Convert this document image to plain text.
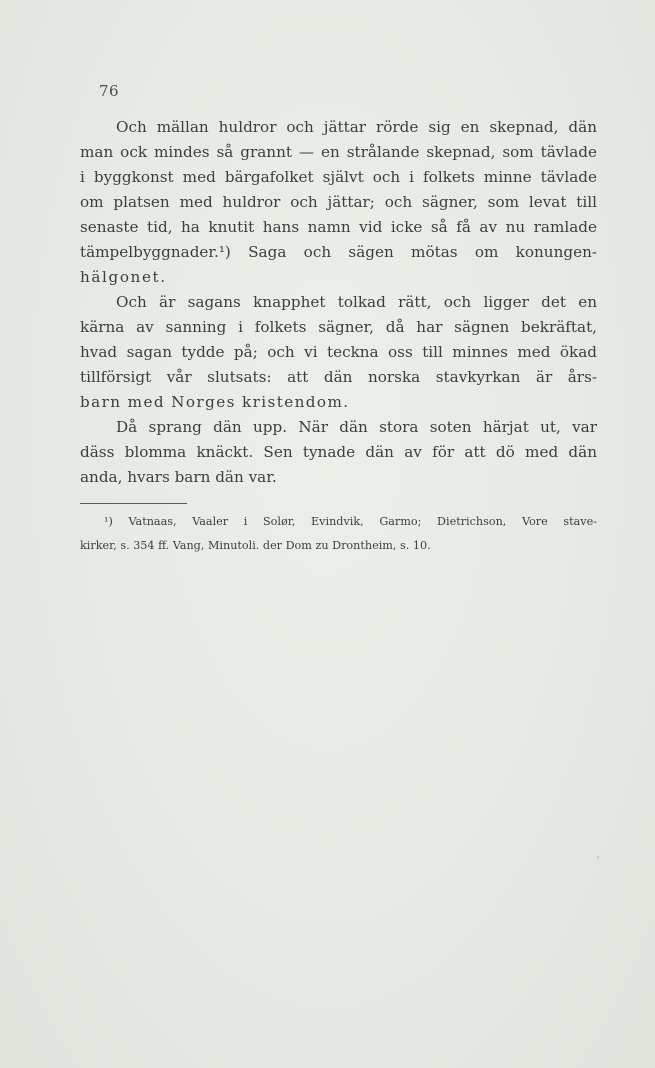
76
Och mällan huldror och jättar rörde sig en skepnad, dän
man ock mindes så grannt — en strålande skepnad, som tävlade
i byggkonst med bärgafolket självt och i folkets minne tävlade
om platsen med huldror och jättar; och sägner, som levat till
senaste tid, ha knutit hans namn vid icke så få av nu ramlade
tämpelbyggnader.¹) Saga och sägen mötas om konungen-
hälgonet.
Och är sagans knapphet tolkad rätt, och ligger det en
kärna av sanning i folkets sägner, då har sägnen bekräftat,
hvad sagan tydde på; och vi teckna oss till minnes med ökad
tillförsigt vår slutsats: att dän norska stavkyrkan är års-
barn med Norges kristendom.
Då sprang dän upp. När dän stora soten härjat ut, var
däss blomma knäckt. Sen tynade dän av för att dö med dän
anda, hvars barn dän var.
¹) Vatnaas, Vaaler i Solør, Evindvik, Garmo; Dietrichson, Vore stave-
kirker, s. 354 ff. Vang, Minutoli. der Dom zu Drontheim, s. 10.
